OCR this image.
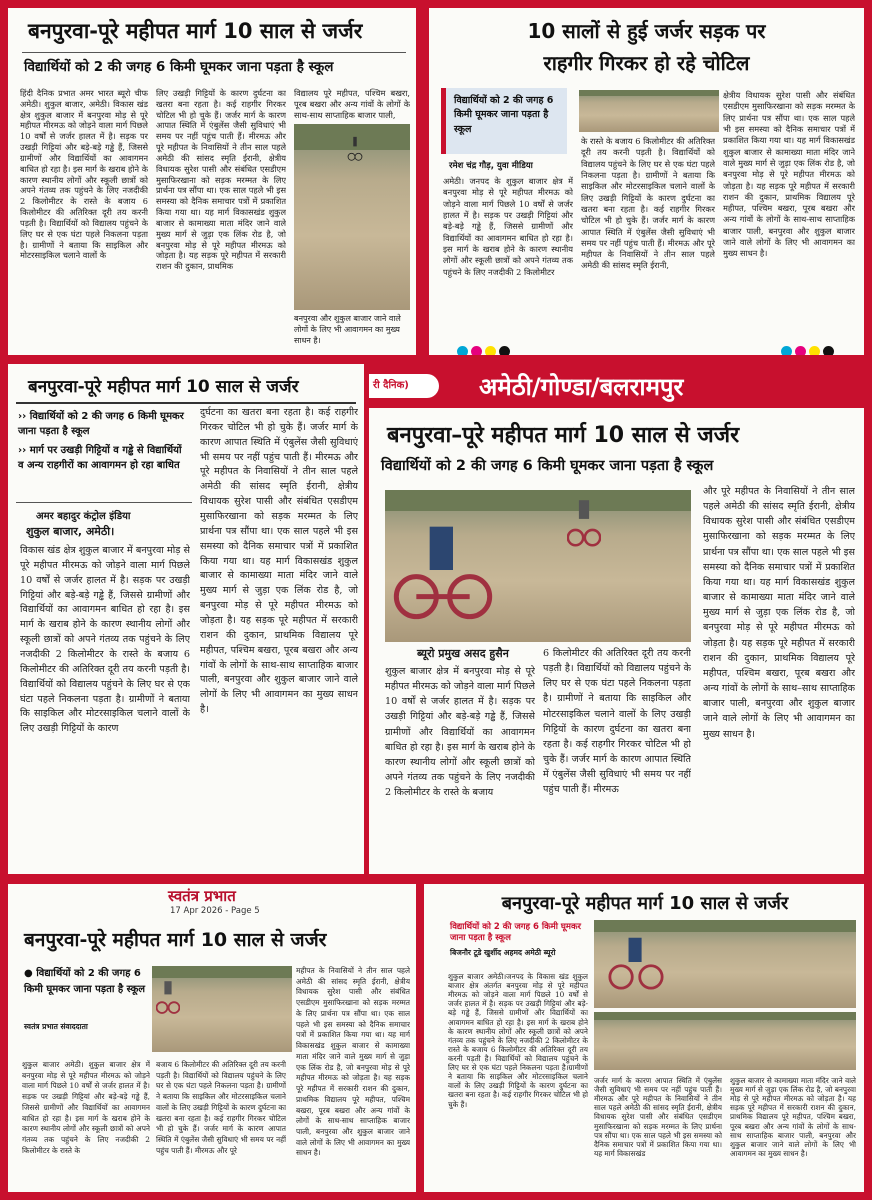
बनपुरवा-पूरे महीपत मार्ग 10 साल से जर्जर
विद्यार्थियों को 2 की जगह 6 किमी घूमकर जाना पड़ता है स्कूल
हिंदी दैनिक प्रभात अमर भारत ब्यूरो चीफ अमेठी। शुकुल बाजार, अमेठी। विकास खंड क्षेत्र शुकुल बाजार में बनपुरवा मोड़ से पूरे महीपत मीरमऊ को जोड़ने वाला मार्ग पिछले 10 वर्षों से जर्जर हालत में है। सड़क पर उखड़ी गिट्टियां और बड़े-बड़े गड्ढे हैं, जिससे ग्रामीणों और विद्यार्थियों का आवागमन बाधित हो रहा है। इस मार्ग के खराब होने के कारण स्थानीय लोगों और स्कूली छात्रों को अपने गंतव्य तक पहुंचने के लिए नजदीकी 2 किलोमीटर के रास्ते के बजाय 6 किलोमीटर की अतिरिक्त दूरी तय करनी पड़ती है। विद्यार्थियों को विद्यालय पहुंचने के लिए घर से एक घंटा पहले निकलना पड़ता है। ग्रामीणों ने बताया कि साइकिल और मोटरसाइकिल चलाने वालों के
लिए उखड़ी गिट्टियों के कारण दुर्घटना का खतरा बना रहता है। कई राहगीर गिरकर चोटिल भी हो चुके हैं। जर्जर मार्ग के कारण आपात स्थिति में एंबुलेंस जैसी सुविधाएं भी समय पर नहीं पहुंच पाती हैं। मीरमऊ और पूरे महीपत के निवासियों ने तीन साल पहले अमेठी की सांसद स्मृति ईरानी, क्षेत्रीय विधायक सुरेश पासी और संबंधित एसडीएम मुसाफिरखाना को सड़क मरम्मत के लिए प्रार्थना पत्र सौंपा था। एक साल पहले भी इस समस्या को दैनिक समाचार पत्रों में प्रकाशित किया गया था। यह मार्ग विकासखंड शुकुल बाजार से कामाख्या माता मंदिर जाने वाले मुख्य मार्ग से जुड़ा एक लिंक रोड है, जो बनपुरवा मोड़ से पूरे महीपत मीरमऊ को जोड़ता है। यह सड़क पूरे महीपत में सरकारी राशन की दुकान, प्राथमिक
विद्यालय पूरे महीपत, पश्चिम बखरा, पूरब बखरा और अन्य गांवों के लोगों के साथ-साथ साप्ताहिक बाजार पाली,
बनपुरवा और शुकुल बाजार जाने वाले लोगों के लिए भी आवागमन का मुख्य साधन है।
10 सालों से हुई जर्जर सड़क पर
राहगीर गिरकर हो रहे चोटिल
विद्यार्थियों को 2 की जगह 6 किमी घूमकर जाना पड़ता है स्कूल
रमेश चंद्र गौड़, युवा मीडिया
अमेठी। जनपद के शुकुल बाजार क्षेत्र में बनपुरवा मोड़ से पूरे महीपत मीरमऊ को जोड़ने वाला मार्ग पिछले 10 वर्षों से जर्जर हालत में है। सड़क पर उखड़ी गिट्टियां और बड़े-बड़े गड्ढे हैं, जिससे ग्रामीणों और विद्यार्थियों का आवागमन बाधित हो रहा है। इस मार्ग के खराब होने के कारण स्थानीय लोगों और स्कूली छात्रों को अपने गंतव्य तक पहुंचने के लिए नजदीकी 2 किलोमीटर
के रास्ते के बजाय 6 किलोमीटर की अतिरिक्त दूरी तय करनी पड़ती है। विद्यार्थियों को विद्यालय पहुंचने के लिए घर से एक घंटा पहले निकलना पड़ता है। ग्रामीणों ने बताया कि साइकिल और मोटरसाइकिल चलाने वालों के लिए उखड़ी गिट्टियों के कारण दुर्घटना का खतरा बना रहता है। कई राहगीर गिरकर चोटिल भी हो चुके हैं। जर्जर मार्ग के कारण आपात स्थिति में एंबुलेंस जैसी सुविधाएं भी समय पर नहीं पहुंच पाती हैं। मीरमऊ और पूरे महीपत के निवासियों ने तीन साल पहले अमेठी की सांसद स्मृति ईरानी,
क्षेत्रीय विधायक सुरेश पासी और संबंधित एसडीएम मुसाफिरखाना को सड़क मरम्मत के लिए प्रार्थना पत्र सौंपा था। एक साल पहले भी इस समस्या को दैनिक समाचार पत्रों में प्रकाशित किया गया था। यह मार्ग विकासखंड शुकुल बाजार से कामाख्या माता मंदिर जाने वाले मुख्य मार्ग से जुड़ा एक लिंक रोड है, जो बनपुरवा मोड़ से पूरे महीपत मीरमऊ को जोड़ता है। यह सड़क पूरे महीपत में सरकारी राशन की दुकान, प्राथमिक विद्यालय पूरे महीपत, पश्चिम बखरा, पूरब बखरा और अन्य गांवों के लोगों के साथ-साथ साप्ताहिक बाजार पाली, बनपुरवा और शुकुल बाजार जाने वाले लोगों के लिए भी आवागमन का मुख्य साधन है।
बनपुरवा-पूरे महीपत मार्ग 10 साल से जर्जर
›› विद्यार्थियों को 2 की जगह 6 किमी घूमकर जाना पड़ता है स्कूल
›› मार्ग पर उखड़ी गिट्टियों व गड्ढे से विद्यार्थियों व अन्य राहगीरों का आवागमन हो रहा बाधित
अमर बहादुर कंट्रोल इंडिया
शुकुल बाजार, अमेठी।
विकास खंड क्षेत्र शुकुल बाजार में बनपुरवा मोड़ से पूरे महीपत मीरमऊ को जोड़ने वाला मार्ग पिछले 10 वर्षों से जर्जर हालत में है। सड़क पर उखड़ी गिट्टियां और बड़े-बड़े गड्ढे हैं, जिससे ग्रामीणों और विद्यार्थियों का आवागमन बाधित हो रहा है। इस मार्ग के खराब होने के कारण स्थानीय लोगों और स्कूली छात्रों को अपने गंतव्य तक पहुंचने के लिए नजदीकी 2 किलोमीटर के रास्ते के बजाय 6 किलोमीटर की अतिरिक्त दूरी तय करनी पड़ती है। विद्यार्थियों को विद्यालय पहुंचने के लिए घर से एक घंटा पहले निकलना पड़ता है। ग्रामीणों ने बताया कि साइकिल और मोटरसाइकिल चलाने वालों के लिए उखड़ी गिट्टियों के कारण
दुर्घटना का खतरा बना रहता है। कई राहगीर गिरकर चोटिल भी हो चुके हैं। जर्जर मार्ग के कारण आपात स्थिति में एंबुलेंस जैसी सुविधाएं भी समय पर नहीं पहुंच पाती हैं। मीरमऊ और पूरे महीपत के निवासियों ने तीन साल पहले अमेठी की सांसद स्मृति ईरानी, क्षेत्रीय विधायक सुरेश पासी और संबंधित एसडीएम मुसाफिरखाना को सड़क मरम्मत के लिए प्रार्थना पत्र सौंपा था। एक साल पहले भी इस समस्या को दैनिक समाचार पत्रों में प्रकाशित किया गया था। यह मार्ग विकासखंड शुकुल बाजार से कामाख्या माता मंदिर जाने वाले मुख्य मार्ग से जुड़ा एक लिंक रोड है, जो बनपुरवा मोड़ से पूरे महीपत मीरमऊ को जोड़ता है। यह सड़क पूरे महीपत में सरकारी राशन की दुकान, प्राथमिक विद्यालय पूरे महीपत, पश्चिम बखरा, पूरब बखरा और अन्य गांवों के लोगों के साथ-साथ साप्ताहिक बाजार पाली, बनपुरवा और शुकुल बाजार जाने वाले लोगों के लिए भी आवागमन का मुख्य साधन है।
री दैनिक)	अमेठी/गोण्डा/बलरामपुर
बनपुरवा–पूरे महीपत मार्ग 10 साल से जर्जर
विद्यार्थियों को 2 की जगह 6 किमी घूमकर जाना पड़ता है स्कूल
ब्यूरो प्रमुख असद हुसैन
शुकुल बाजार क्षेत्र में बनपुरवा मोड़ से पूरे महीपत मीरमऊ को जोड़ने वाला मार्ग पिछले 10 वर्षों से जर्जर हालत में है। सड़क पर उखड़ी गिट्टियां और बड़े-बड़े गड्ढे हैं, जिससे ग्रामीणों और विद्यार्थियों का आवागमन बाधित हो रहा है। इस मार्ग के खराब होने के कारण स्थानीय लोगों और स्कूली छात्रों को अपने गंतव्य तक पहुंचने के लिए नजदीकी 2 किलोमीटर के रास्ते के बजाय
6 किलोमीटर की अतिरिक्त दूरी तय करनी पड़ती है। विद्यार्थियों को विद्यालय पहुंचने के लिए घर से एक घंटा पहले निकलना पड़ता है। ग्रामीणों ने बताया कि साइकिल और मोटरसाइकिल चलाने वालों के लिए उखड़ी गिट्टियों के कारण दुर्घटना का खतरा बना रहता है। कई राहगीर गिरकर चोटिल भी हो चुके हैं। जर्जर मार्ग के कारण आपात स्थिति में एंबुलेंस जैसी सुविधाएं भी समय पर नहीं पहुंच पाती हैं। मीरमऊ
और पूरे महीपत के निवासियों ने तीन साल पहले अमेठी की सांसद स्मृति ईरानी, क्षेत्रीय विधायक सुरेश पासी और संबंधित एसडीएम मुसाफिरखाना को सड़क मरम्मत के लिए प्रार्थना पत्र सौंपा था। एक साल पहले भी इस समस्या को दैनिक समाचार पत्रों में प्रकाशित किया गया था। यह मार्ग विकासखंड शुकुल बाजार से कामाख्या माता मंदिर जाने वाले मुख्य मार्ग से जुड़ा एक लिंक रोड है, जो बनपुरवा मोड़ से पूरे महीपत मीरमऊ को जोड़ता है। यह सड़क पूरे महीपत में सरकारी राशन की दुकान, प्राथमिक विद्यालय पूरे महीपत, पश्चिम बखरा, पूरब बखरा और अन्य गांवों के लोगों के साथ–साथ साप्ताहिक बाजार पाली, बनपुरवा और शुकुल बाजार जाने वाले लोगों के लिए भी आवागमन का मुख्य साधन है।
स्वतंत्र प्रभात
17 Apr 2026 - Page 5
बनपुरवा-पूरे महीपत मार्ग 10 साल से जर्जर
● विद्यार्थियों को 2 की जगह 6 किमी घूमकर जाना पड़ता है स्कूल
स्वतंत्र प्रभात संवाददाता
शुकुल बाजार अमेठी। शुकुल बाजार क्षेत्र में बनपुरवा मोड़ से पूरे महीपत मीरमऊ को जोड़ने वाला मार्ग पिछले 10 वर्षों से जर्जर हालत में है। सड़क पर उखड़ी गिट्टियां और बड़े-बड़े गड्ढे हैं, जिससे ग्रामीणों और विद्यार्थियों का आवागमन बाधित हो रहा है। इस मार्ग के खराब होने के कारण स्थानीय लोगों और स्कूली छात्रों को अपने गंतव्य तक पहुंचने के लिए नजदीकी 2 किलोमीटर के रास्ते के
बजाय 6 किलोमीटर की अतिरिक्त दूरी तय करनी पड़ती है। विद्यार्थियों को विद्यालय पहुंचने के लिए घर से एक घंटा पहले निकलना पड़ता है। ग्रामीणों ने बताया कि साइकिल और मोटरसाइकिल चलाने वालों के लिए उखड़ी गिट्टियों के कारण दुर्घटना का खतरा बना रहता है। कई राहगीर गिरकर चोटिल भी हो चुके हैं। जर्जर मार्ग के कारण आपात स्थिति में एंबुलेंस जैसी सुविधाएं भी समय पर नहीं पहुंच पाती हैं। मीरमऊ और पूरे
महीपत के निवासियों ने तीन साल पहले अमेठी की सांसद स्मृति ईरानी, क्षेत्रीय विधायक सुरेश पासी और संबंधित एसडीएम मुसाफिरखाना को सड़क मरम्मत के लिए प्रार्थना पत्र सौंपा था। एक साल पहले भी इस समस्या को दैनिक समाचार पत्रों में प्रकाशित किया गया था। यह मार्ग विकासखंड शुकुल बाजार से कामाख्या माता मंदिर जाने वाले मुख्य मार्ग से जुड़ा एक लिंक रोड है, जो बनपुरवा मोड़ से पूरे महीपत मीरमऊ को जोड़ता है। यह सड़क पूरे महीपत में सरकारी राशन की दुकान, प्राथमिक विद्यालय पूरे महीपत, पश्चिम बखरा, पूरब बखरा और अन्य गांवों के लोगों के साथ-साथ साप्ताहिक बाजार पाली, बनपुरवा और शुकुल बाजार जाने वाले लोगों के लिए भी आवागमन का मुख्य साधन है।
बनपुरवा-पूरे महीपत मार्ग 10 साल से जर्जर
विद्यार्थियों को 2 की जगह 6 किमी घूमकर जाना पड़ता है स्कूल
बिजनौर टूडे खुर्शीद अहमद अमेठी ब्यूरो
शुकुल बाजार अमेठी।जनपद के विकास खंड शुकुल बाजार क्षेत्र अंतर्गत बनपुरवा मोड़ से पूरे महीपत मीरमऊ को जोड़ने वाला मार्ग पिछले 10 वर्षों से जर्जर हालत में है। सड़क पर उखड़ी गिट्टियां और बड़े-बड़े गड्ढे हैं, जिससे ग्रामीणों और विद्यार्थियों का आवागमन बाधित हो रहा है। इस मार्ग के खराब होने के कारण स्थानीय लोगों और स्कूली छात्रों को अपने गंतव्य तक पहुंचने के लिए नजदीकी 2 किलोमीटर के रास्ते के बजाय 6 किलोमीटर की अतिरिक्त दूरी तय करनी पड़ती है। विद्यार्थियों को विद्यालय पहुंचने के लिए घर से एक घंटा पहले निकलना पड़ता है।ग्रामीणों ने बताया कि साइकिल और मोटरसाइकिल चलाने वालों के लिए उखड़ी गिट्टियों के कारण दुर्घटना का खतरा बना रहता है। कई राहगीर गिरकर चोटिल भी हो चुके हैं।
जर्जर मार्ग के कारण आपात स्थिति में एंबुलेंस जैसी सुविधाएं भी समय पर नहीं पहुंच पाती हैं।मीरमऊ और पूरे महीपत के निवासियों ने तीन साल पहले अमेठी की सांसद स्मृति ईरानी, क्षेत्रीय विधायक सुरेश पासी और संबंधित एसडीएम मुसाफिरखाना को सड़क मरम्मत के लिए प्रार्थना पत्र सौंपा था। एक साल पहले भी इस समस्या को दैनिक समाचार पत्रों में प्रकाशित किया गया था। यह मार्ग विकासखंड
शुकुल बाजार से कामाख्या माता मंदिर जाने वाले मुख्य मार्ग से जुड़ा एक लिंक रोड है, जो बनपुरवा मोड़ से पूरे महीपत मीरमऊ को जोड़ता है। यह सड़क पूरे महीपत में सरकारी राशन की दुकान, प्राथमिक विद्यालय पूरे महीपत, पश्चिम बखरा, पूरब बखरा और अन्य गांवों के लोगों के साथ-साथ साप्ताहिक बाजार पाली, बनपुरवा और शुकुल बाजार जाने वाले लोगों के लिए भी आवागमन का मुख्य साधन है।
